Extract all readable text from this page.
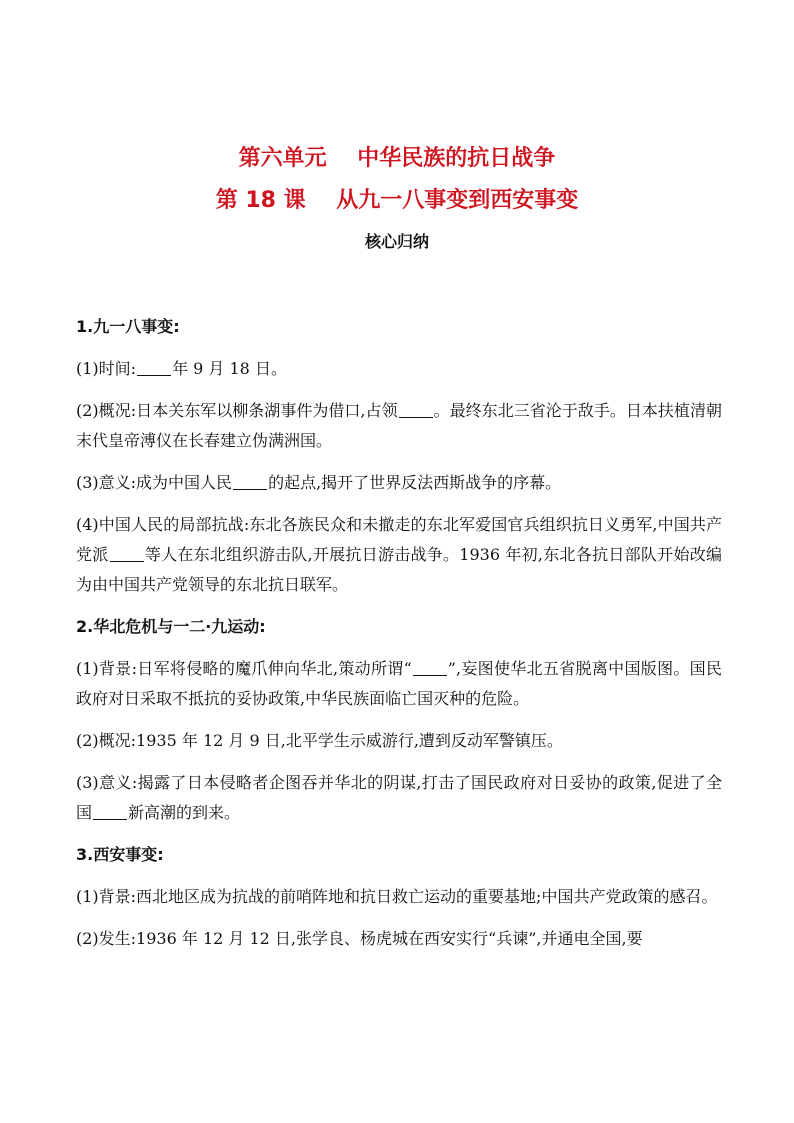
第六单元    中华民族的抗日战争
第 18 课    从九一八事变到西安事变
核心归纳

1.九一八事变:

(1)时间: 年 9 月 18 日。

(2)概况:日本关东军以柳条湖事件为借口,占领 。最终东北三省沦于敌手。日本扶植清朝末代皇帝溥仪在长春建立伪满洲国。

(3)意义:成为中国人民 的起点,揭开了世界反法西斯战争的序幕。

(4)中国人民的局部抗战:东北各族民众和未撤走的东北军爱国官兵组织抗日义勇军,中国共产党派 等人在东北组织游击队,开展抗日游击战争。1936 年初,东北各抗日部队开始改编为由中国共产党领导的东北抗日联军。

2.华北危机与一二·九运动:

(1)背景:日军将侵略的魔爪伸向华北,策动所谓“ ”,妄图使华北五省脱离中国版图。国民政府对日采取不抵抗的妥协政策,中华民族面临亡国灭种的危险。

(2)概况:1935 年 12 月 9 日,北平学生示威游行,遭到反动军警镇压。

(3)意义:揭露了日本侵略者企图吞并华北的阴谋,打击了国民政府对日妥协的政策,促进了全国 新高潮的到来。

3.西安事变:

(1)背景:西北地区成为抗战的前哨阵地和抗日救亡运动的重要基地;中国共产党政策的感召。

(2)发生:1936 年 12 月 12 日,张学良、杨虎城在西安实行“兵谏”,并通电全国,要
